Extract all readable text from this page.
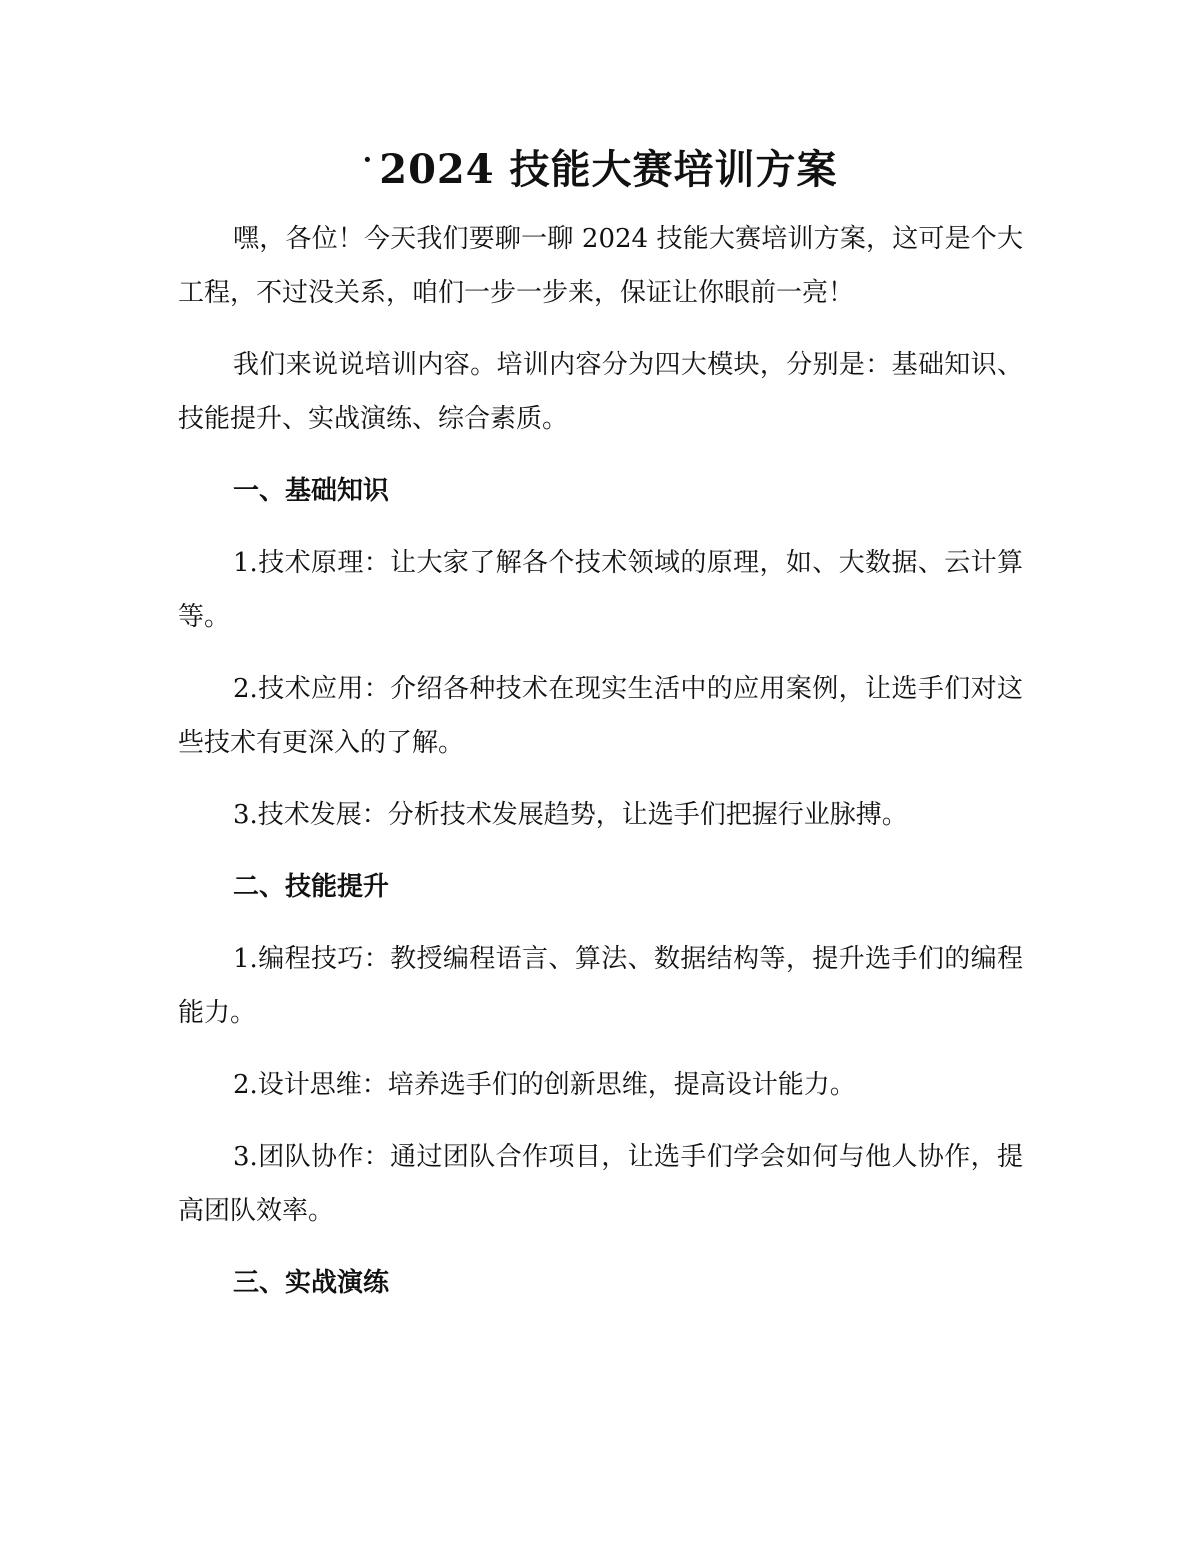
· 2024 技能大赛培训方案

嘿，各位！今天我们要聊一聊 2024 技能大赛培训方案，这可是个大工程，不过没关系，咱们一步一步来，保证让你眼前一亮！

我们来说说培训内容。培训内容分为四大模块，分别是：基础知识、技能提升、实战演练、综合素质。

一、基础知识

1.技术原理：让大家了解各个技术领域的原理，如、大数据、云计算等。

2.技术应用：介绍各种技术在现实生活中的应用案例，让选手们对这些技术有更深入的了解。

3.技术发展：分析技术发展趋势，让选手们把握行业脉搏。

二、技能提升

1.编程技巧：教授编程语言、算法、数据结构等，提升选手们的编程能力。

2.设计思维：培养选手们的创新思维，提高设计能力。

3.团队协作：通过团队合作项目，让选手们学会如何与他人协作，提高团队效率。

三、实战演练
